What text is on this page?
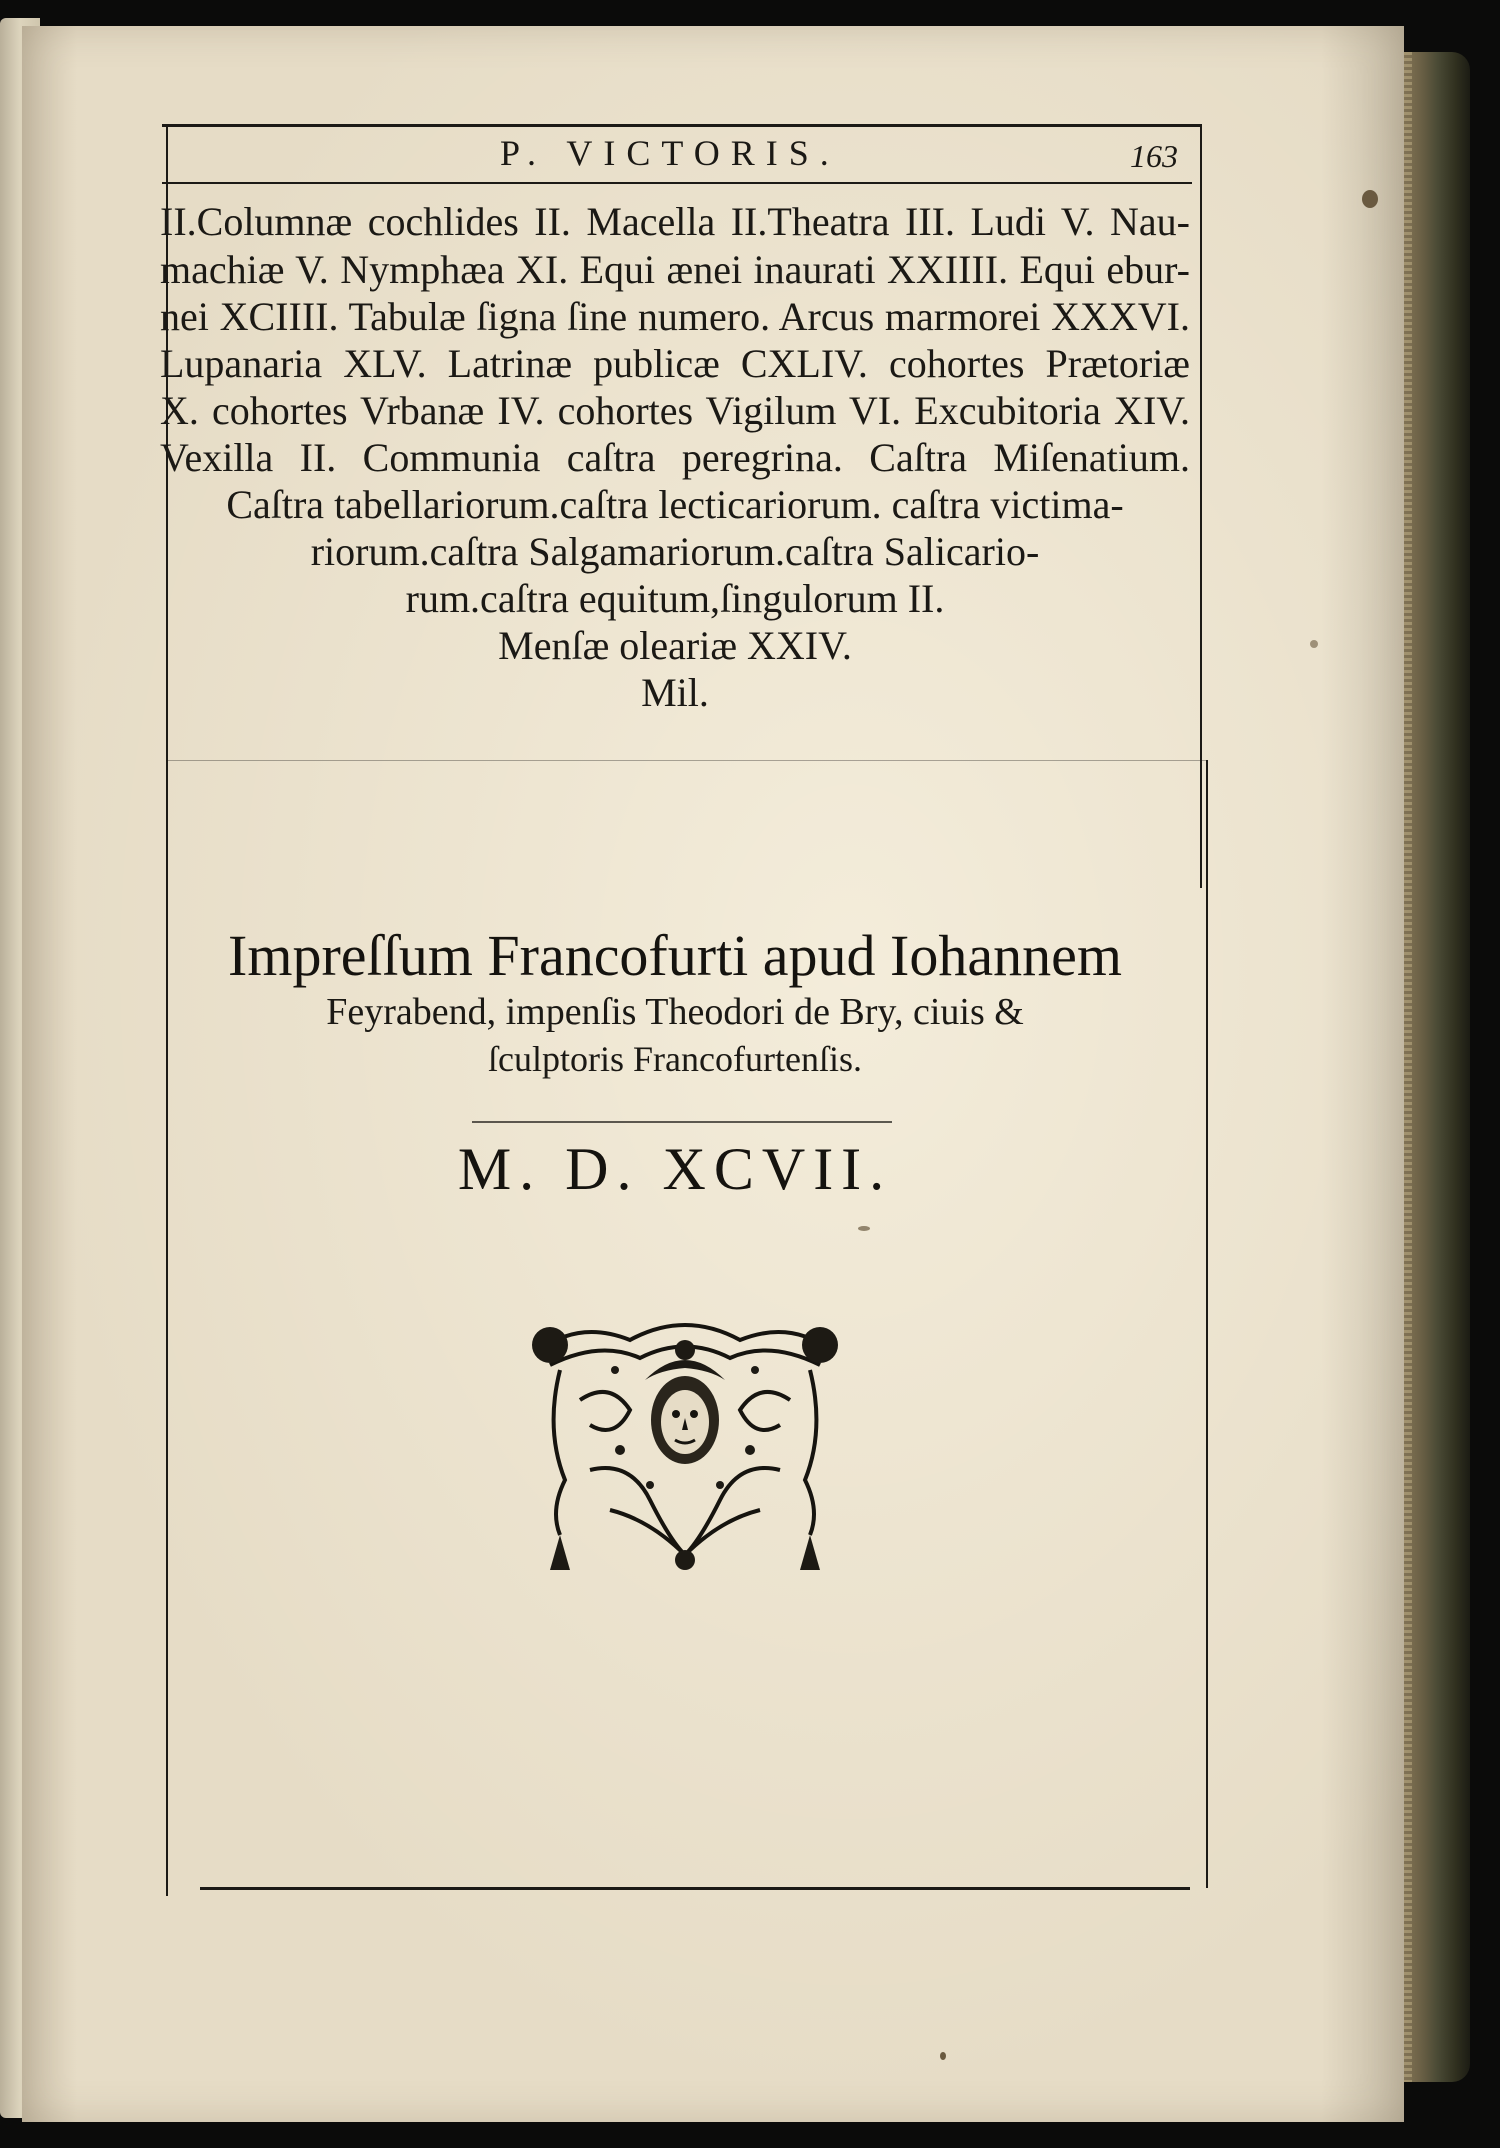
P. VICTORIS.	163
II.Columnæ cochlides II. Macella II.Theatra III. Ludi V. Nau-
machiæ V. Nymphæa XI. Equi ænei inaurati XXIIII. Equi ebur-
nei XCIIII. Tabulæ ſigna ſine numero. Arcus marmorei XXXVI.
Lupanaria XLV. Latrinæ publicæ CXLIV. cohortes Prætoriæ
X. cohortes Vrbanæ IV. cohortes Vigilum VI. Excubitoria XIV.
Vexilla II. Communia caſtra peregrina. Caſtra Miſenatium.
Caſtra tabellariorum.caſtra lecticariorum. caſtra victima-
riorum.caſtra Salgamariorum.caſtra Salicario-
rum.caſtra equitum,ſingulorum II.
Menſæ oleariæ XXIV.
Mil.
Impreſſum Francofurti apud Iohannem
Feyrabend, impenſis Theodori de Bry, ciuis &
ſculptoris Francofurtenſis.
M. D. XCVII.
